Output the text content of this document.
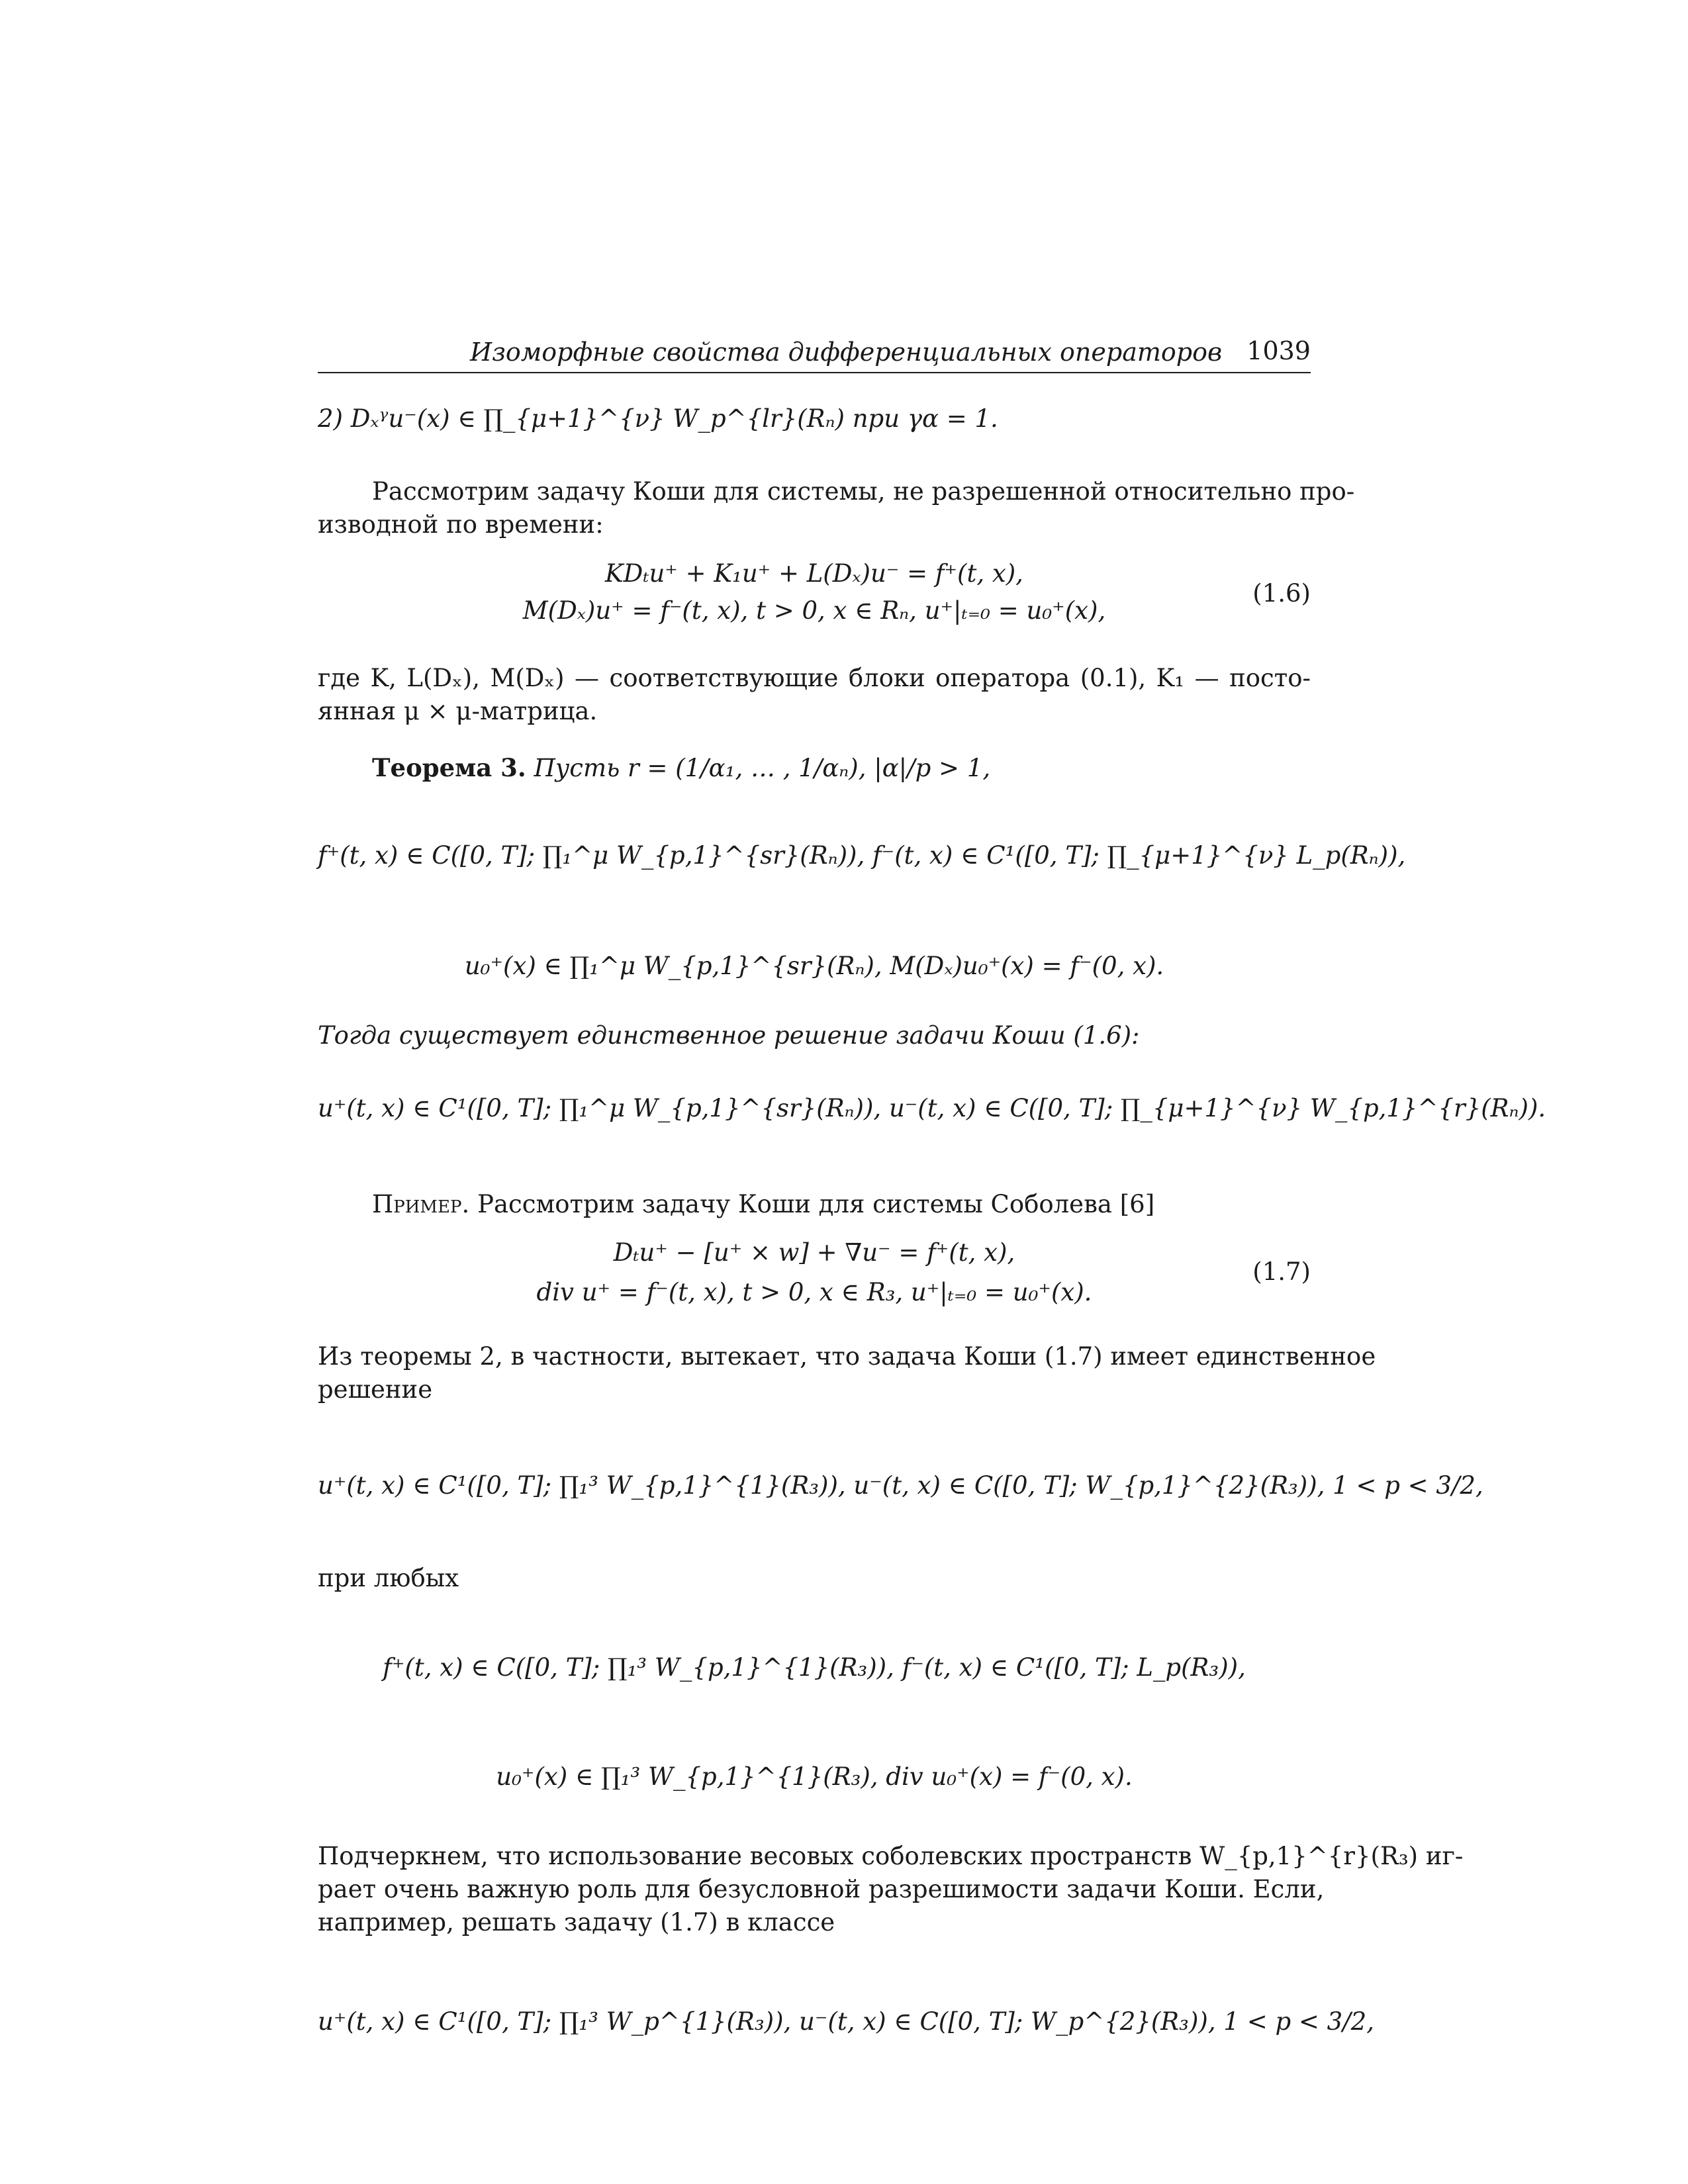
Изоморфные свойства дифференциальных операторов 1039
2) Dₓᵞu⁻(x) ∈ ∏_{μ+1}^{ν} W_p^{lr}(Rₙ) при γα = 1.
Рассмотрим задачу Коши для системы, не разрешенной относительно про-
изводной по времени:
KDₜu⁺ + K₁u⁺ + L(Dₓ)u⁻ = f⁺(t, x),
M(Dₓ)u⁺ = f⁻(t, x), t > 0, x ∈ Rₙ, u⁺|ₜ₌₀ = u₀⁺(x),
(1.6)
где K, L(Dₓ), M(Dₓ) — соответствующие блоки оператора (0.1), K₁ — посто-
янная μ × μ-матрица.
Теорема 3. Пусть r = (1/α₁, … , 1/αₙ), |α|/p > 1,
f⁺(t, x) ∈ C([0, T]; ∏₁^μ W_{p,1}^{sr}(Rₙ)), f⁻(t, x) ∈ C¹([0, T]; ∏_{μ+1}^{ν} L_p(Rₙ)),
u₀⁺(x) ∈ ∏₁^μ W_{p,1}^{sr}(Rₙ), M(Dₓ)u₀⁺(x) = f⁻(0, x).
Тогда существует единственное решение задачи Коши (1.6):
u⁺(t, x) ∈ C¹([0, T]; ∏₁^μ W_{p,1}^{sr}(Rₙ)), u⁻(t, x) ∈ C([0, T]; ∏_{μ+1}^{ν} W_{p,1}^{r}(Rₙ)).
Пример. Рассмотрим задачу Коши для системы Соболева [6]
Dₜu⁺ − [u⁺ × w] + ∇u⁻ = f⁺(t, x),
div u⁺ = f⁻(t, x), t > 0, x ∈ R₃, u⁺|ₜ₌₀ = u₀⁺(x).
(1.7)
Из теоремы 2, в частности, вытекает, что задача Коши (1.7) имеет единственное
решение
u⁺(t, x) ∈ C¹([0, T]; ∏₁³ W_{p,1}^{1}(R₃)), u⁻(t, x) ∈ C([0, T]; W_{p,1}^{2}(R₃)), 1 < p < 3/2,
при любых
f⁺(t, x) ∈ C([0, T]; ∏₁³ W_{p,1}^{1}(R₃)), f⁻(t, x) ∈ C¹([0, T]; L_p(R₃)),
u₀⁺(x) ∈ ∏₁³ W_{p,1}^{1}(R₃), div u₀⁺(x) = f⁻(0, x).
Подчеркнем, что использование весовых соболевских пространств W_{p,1}^{r}(R₃) иг-
рает очень важную роль для безусловной разрешимости задачи Коши. Если,
например, решать задачу (1.7) в классе
u⁺(t, x) ∈ C¹([0, T]; ∏₁³ W_p^{1}(R₃)), u⁻(t, x) ∈ C([0, T]; W_p^{2}(R₃)), 1 < p < 3/2,
